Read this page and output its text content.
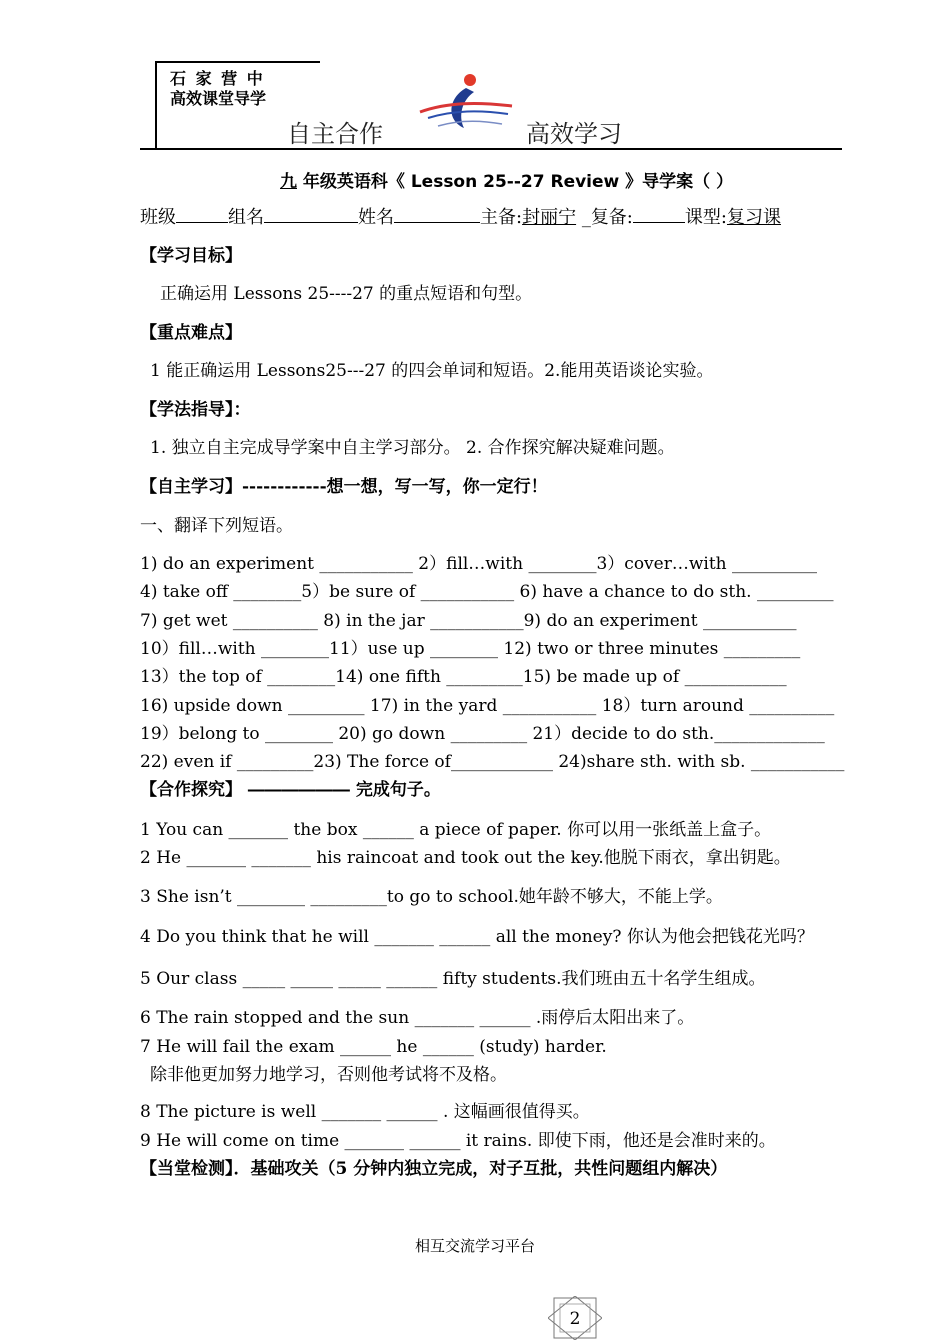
石 家 营 中
高效课堂导学
自主合作	高效学习
九 年级英语科《 Lesson 25--27 Review 》导学案（ ）
班级	组名	姓名	主备:封丽宁 _复备:	课型:复习课
【学习目标】
正确运用 Lessons 25----27 的重点短语和句型。
【重点难点】
1 能正确运用 Lessons25---27 的四会单词和短语。2.能用英语谈论实验。
【学法指导】：
1. 独立自主完成导学案中自主学习部分。 2. 合作探究解决疑难问题。
【自主学习】------------想一想，写一写，你一定行！
一、翻译下列短语。
1) do an experiment ___________ 2）fill…with ________3）cover…with __________
4) take off ________5）be sure of ___________ 6) have a chance to do sth. _________
7) get wet __________ 8) in the jar ___________9) do an experiment ___________
10）fill…with ________11）use up ________ 12) two or three minutes _________
13）the top of ________14) one fifth _________15) be made up of ____________
16) upside down _________ 17) in the yard ___________ 18）turn around __________
19）belong to ________ 20) go down _________ 21）decide to do sth._____________
22) even if _________23) The force of____________ 24)share sth. with sb. ___________
【合作探究】 ―――――― 完成句子。
1 You can _______ the box ______ a piece of paper. 你可以用一张纸盖上盒子。
2 He _______ _______ his raincoat and took out the key.他脱下雨衣，拿出钥匙。
3 She isn’t ________ _________to go to school.她年龄不够大，不能上学。
4 Do you think that he will _______ ______ all the money? 你认为他会把钱花光吗？
5 Our class _____ _____ _____ ______ fifty students.我们班由五十名学生组成。
6 The rain stopped and the sun _______ ______ .雨停后太阳出来了。
7 He will fail the exam ______ he ______ (study) harder.
除非他更加努力地学习，否则他考试将不及格。
8 The picture is well _______ ______ . 这幅画很值得买。
9 He will come on time _______ ______ it rains. 即使下雨，他还是会准时来的。
【当堂检测】．基础攻关（5 分钟内独立完成，对子互批，共性问题组内解决）
相互交流学习平台
2
